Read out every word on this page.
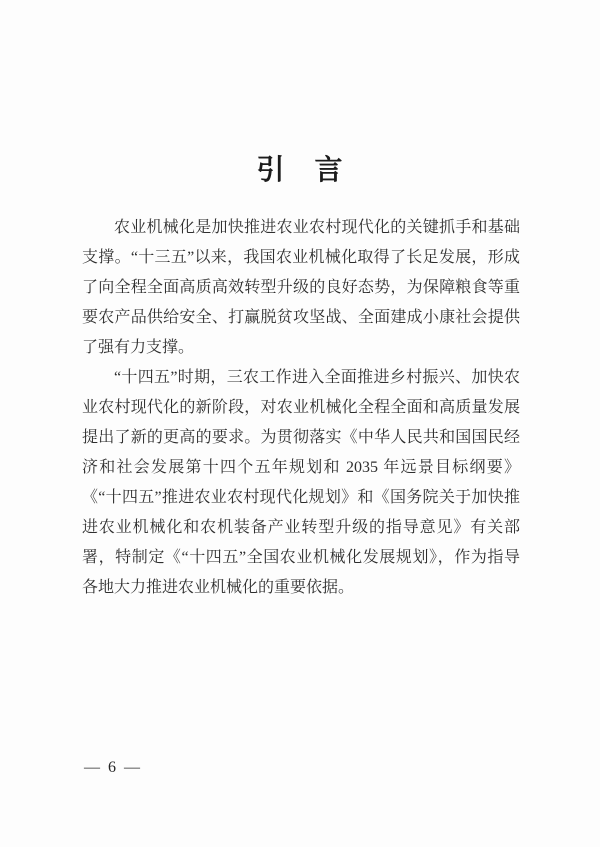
引　言

农业机械化是加快推进农业农村现代化的关键抓手和基础支撑。“十三五”以来，我国农业机械化取得了长足发展，形成了向全程全面高质高效转型升级的良好态势，为保障粮食等重要农产品供给安全、打赢脱贫攻坚战、全面建成小康社会提供了强有力支撑。

“十四五”时期，三农工作进入全面推进乡村振兴、加快农业农村现代化的新阶段，对农业机械化全程全面和高质量发展提出了新的更高的要求。为贯彻落实《中华人民共和国国民经济和社会发展第十四个五年规划和 2035 年远景目标纲要》《“十四五”推进农业农村现代化规划》和《国务院关于加快推进农业机械化和农机装备产业转型升级的指导意见》有关部署，特制定《“十四五”全国农业机械化发展规划》，作为指导各地大力推进农业机械化的重要依据。

— 6 —
